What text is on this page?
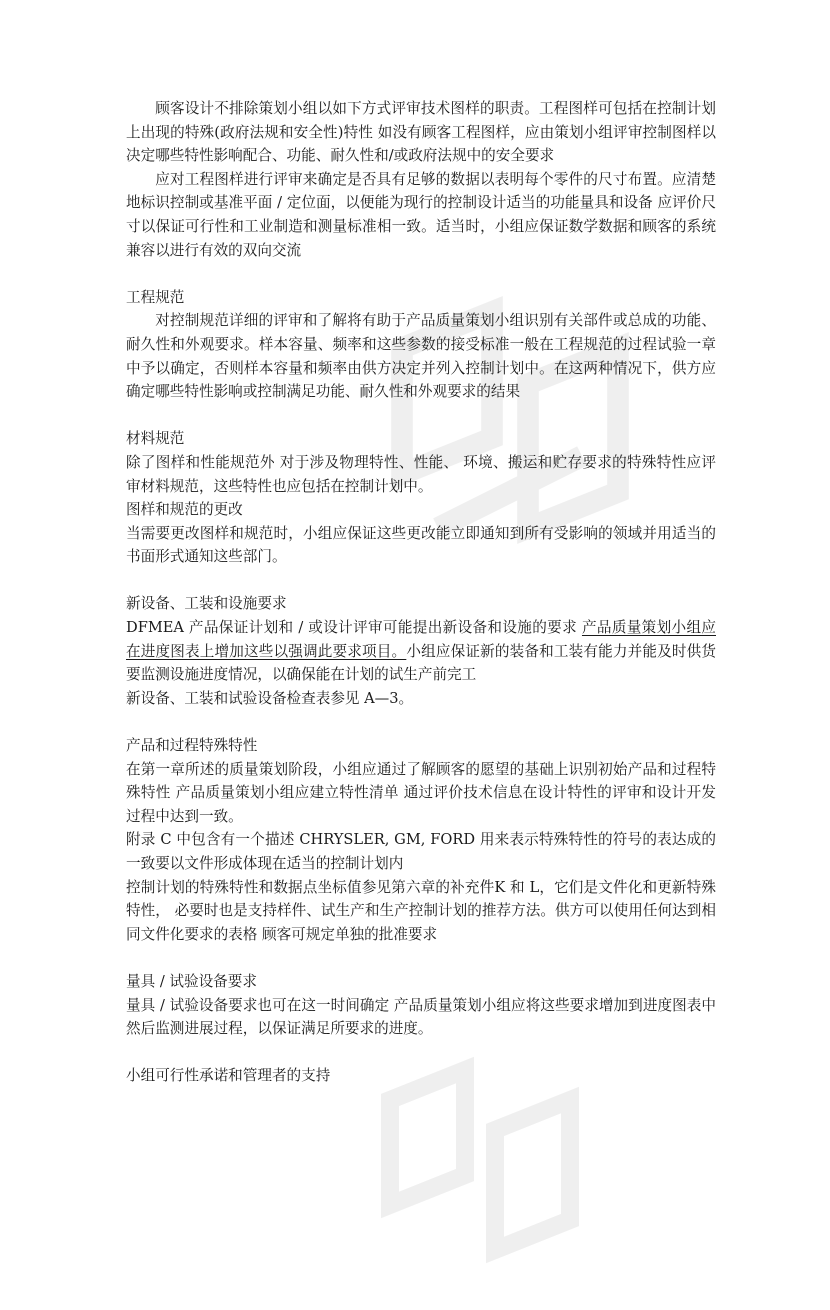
顾客设计不排除策划小组以如下方式评审技术图样的职责。工程图样可包括在控制计划上出现的特殊(政府法规和安全性)特性 如没有顾客工程图样，应由策划小组评审控制图样以决定哪些特性影响配合、功能、耐久性和/或政府法规中的安全要求

应对工程图样进行评审来确定是否具有足够的数据以表明每个零件的尺寸布置。应清楚地标识控制或基准平面 / 定位面，以便能为现行的控制设计适当的功能量具和设备 应评价尺寸以保证可行性和工业制造和测量标准相一致。适当时，小组应保证数学数据和顾客的系统兼容以进行有效的双向交流

工程规范

对控制规范详细的评审和了解将有助于产品质量策划小组识别有关部件或总成的功能、耐久性和外观要求。样本容量、频率和这些参数的接受标准一般在工程规范的过程试验一章中予以确定，否则样本容量和频率由供方决定并列入控制计划中。在这两种情况下，供方应确定哪些特性影响或控制满足功能、耐久性和外观要求的结果

材料规范

除了图样和性能规范外 对于涉及物理特性、性能、 环境、搬运和贮存要求的特殊特性应评审材料规范，这些特性也应包括在控制计划中。

图样和规范的更改

当需要更改图样和规范时，小组应保证这些更改能立即通知到所有受影响的领域并用适当的书面形式通知这些部门。

新设备、工装和设施要求

DFMEA 产品保证计划和 / 或设计评审可能提出新设备和设施的要求 产品质量策划小组应在进度图表上增加这些以强调此要求项目。小组应保证新的装备和工装有能力并能及时供货 要监测设施进度情况，以确保能在计划的试生产前完工

新设备、工装和试验设备检查表参见 A—3。

产品和过程特殊特性

在第一章所述的质量策划阶段，小组应通过了解顾客的愿望的基础上识别初始产品和过程特殊特性 产品质量策划小组应建立特性清单 通过评价技术信息在设计特性的评审和设计开发过程中达到一致。

附录 C 中包含有一个描述 CHRYSLER, GM, FORD 用来表示特殊特性的符号的表达成的一致要以文件形成体现在适当的控制计划内

控制计划的特殊特性和数据点坐标值参见第六章的补充件K 和 L，它们是文件化和更新特殊特性， 必要时也是支持样件、试生产和生产控制计划的推荐方法。供方可以使用任何达到相同文件化要求的表格 顾客可规定单独的批准要求

量具 / 试验设备要求

量具 / 试验设备要求也可在这一时间确定 产品质量策划小组应将这些要求增加到进度图表中 然后监测进展过程，以保证满足所要求的进度。

小组可行性承诺和管理者的支持
